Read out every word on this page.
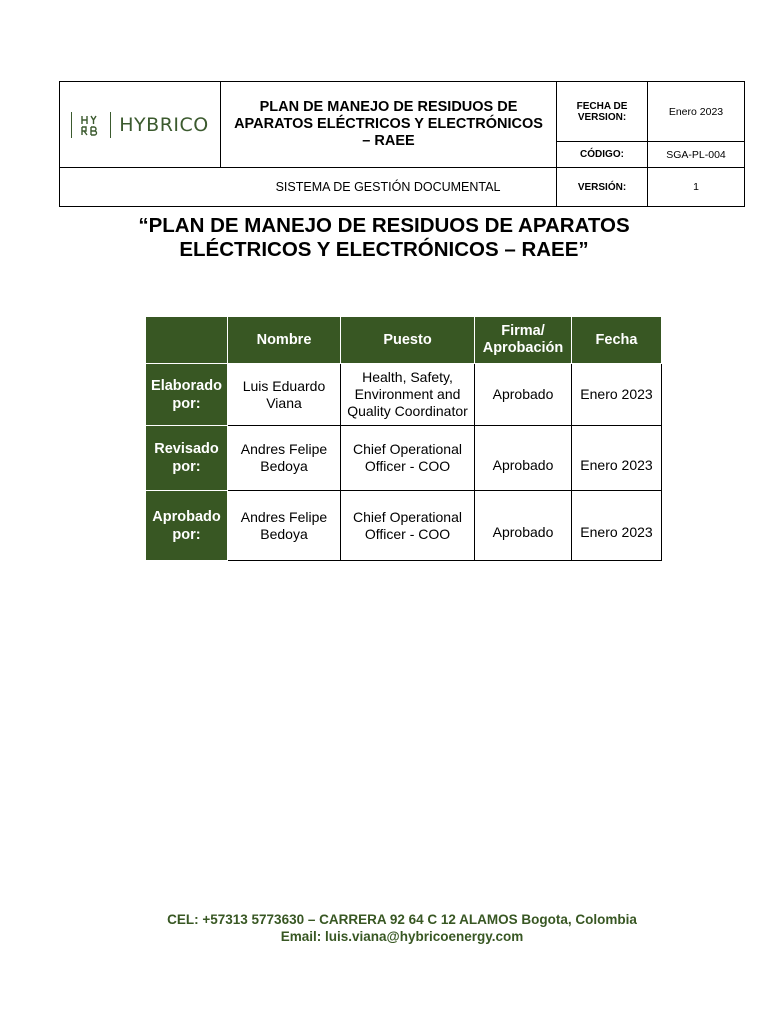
HYBRICO	PLAN DE MANEJO DE RESIDUOS DE APARATOS ELÉCTRICOS Y ELECTRÓNICOS – RAEE	FECHA DE VERSION:	Enero 2023
		CÓDIGO:	SGA-PL-004
SISTEMA DE GESTIÓN DOCUMENTAL		VERSIÓN:	1
“PLAN DE MANEJO DE RESIDUOS DE APARATOS
ELÉCTRICOS Y ELECTRÓNICOS – RAEE”
	Nombre	Puesto	Firma/ Aprobación	Fecha
Elaborado por:	Luis Eduardo Viana	Health, Safety, Environment and Quality Coordinator	Aprobado	Enero 2023
Revisado por:	Andres Felipe Bedoya	Chief Operational Officer - COO	Aprobado	Enero 2023
Aprobado por:	Andres Felipe Bedoya	Chief Operational Officer - COO	Aprobado	Enero 2023
CEL: +57313 5773630 – CARRERA 92 64 C 12 ALAMOS Bogota, Colombia
Email: luis.viana@hybricoenergy.com
